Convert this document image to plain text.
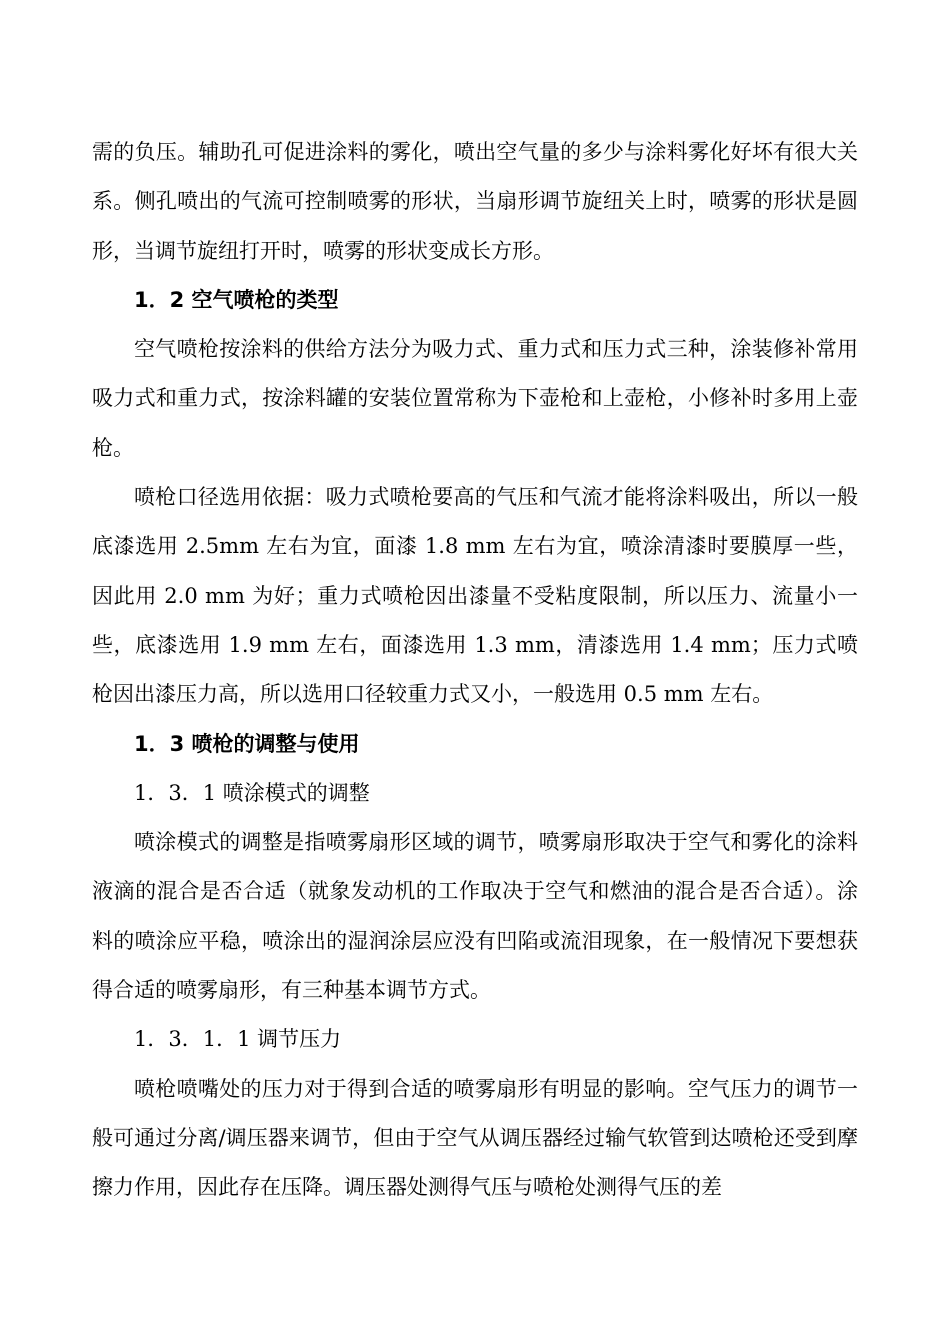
需的负压。辅助孔可促进涂料的雾化，喷出空气量的多少与涂料雾化好坏有很大关系。侧孔喷出的气流可控制喷雾的形状，当扇形调节旋纽关上时，喷雾的形状是圆形，当调节旋纽打开时，喷雾的形状变成长方形。

1．2 空气喷枪的类型

空气喷枪按涂料的供给方法分为吸力式、重力式和压力式三种，涂装修补常用吸力式和重力式，按涂料罐的安装位置常称为下壶枪和上壶枪，小修补时多用上壶枪。

喷枪口径选用依据：吸力式喷枪要高的气压和气流才能将涂料吸出，所以一般底漆选用 2.5mm 左右为宜，面漆 1.8 mm 左右为宜，喷涂清漆时要膜厚一些，因此用 2.0 mm 为好；重力式喷枪因出漆量不受粘度限制，所以压力、流量小一些，底漆选用 1.9 mm 左右，面漆选用 1.3 mm，清漆选用 1.4 mm；压力式喷枪因出漆压力高，所以选用口径较重力式又小，一般选用 0.5 mm 左右。

1．3 喷枪的调整与使用

1．3．1 喷涂模式的调整

喷涂模式的调整是指喷雾扇形区域的调节，喷雾扇形取决于空气和雾化的涂料液滴的混合是否合适（就象发动机的工作取决于空气和燃油的混合是否合适）。涂料的喷涂应平稳，喷涂出的湿润涂层应没有凹陷或流泪现象，在一般情况下要想获得合适的喷雾扇形，有三种基本调节方式。

1．3．1．1 调节压力

喷枪喷嘴处的压力对于得到合适的喷雾扇形有明显的影响。空气压力的调节一般可通过分离/调压器来调节，但由于空气从调压器经过输气软管到达喷枪还受到摩擦力作用，因此存在压降。调压器处测得气压与喷枪处测得气压的差
